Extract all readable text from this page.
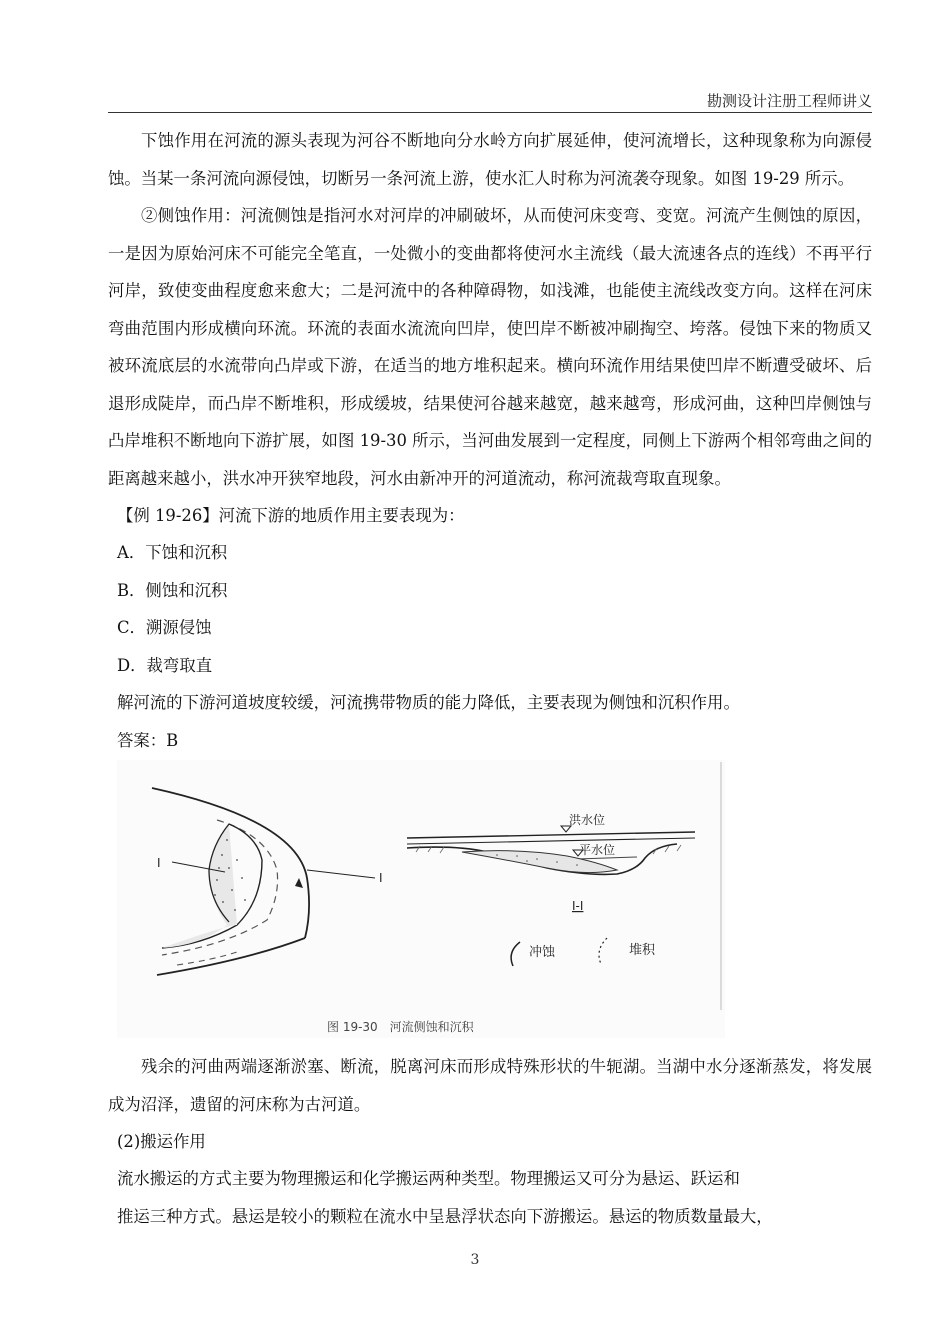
勘测设计注册工程师讲义

下蚀作用在河流的源头表现为河谷不断地向分水岭方向扩展延伸，使河流增长，这种现象称为向源侵蚀。当某一条河流向源侵蚀，切断另一条河流上游，使水汇人时称为河流袭夺现象。如图 19-29 所示。

②侧蚀作用：河流侧蚀是指河水对河岸的冲刷破坏，从而使河床变弯、变宽。河流产生侧蚀的原因，一是因为原始河床不可能完全笔直，一处微小的变曲都将使河水主流线（最大流速各点的连线）不再平行河岸，致使变曲程度愈来愈大；二是河流中的各种障碍物，如浅滩，也能使主流线改变方向。这样在河床弯曲范围内形成横向环流。环流的表面水流流向凹岸，使凹岸不断被冲刷掏空、垮落。侵蚀下来的物质又被环流底层的水流带向凸岸或下游，在适当的地方堆积起来。横向环流作用结果使凹岸不断遭受破坏、后退形成陡岸，而凸岸不断堆积，形成缓坡，结果使河谷越来越宽，越来越弯，形成河曲，这种凹岸侧蚀与凸岸堆积不断地向下游扩展，如图 19-30 所示，当河曲发展到一定程度，同侧上下游两个相邻弯曲之间的距离越来越小，洪水冲开狭窄地段，河水由新冲开的河道流动，称河流裁弯取直现象。

【例 19-26】河流下游的地质作用主要表现为：

A．下蚀和沉积

B．侧蚀和沉积

C．溯源侵蚀

D．裁弯取直

解河流的下游河道坡度较缓，河流携带物质的能力降低，主要表现为侧蚀和沉积作用。

答案：B

I
I
洪水位
平水位
I-I
冲蚀	堆积
图 19-30　河流侧蚀和沉积

残余的河曲两端逐渐淤塞、断流，脱离河床而形成特殊形状的牛轭湖。当湖中水分逐渐蒸发，将发展成为沼泽，遗留的河床称为古河道。

(2)搬运作用

流水搬运的方式主要为物理搬运和化学搬运两种类型。物理搬运又可分为悬运、跃运和

推运三种方式。悬运是较小的颗粒在流水中呈悬浮状态向下游搬运。悬运的物质数量最大，

3
